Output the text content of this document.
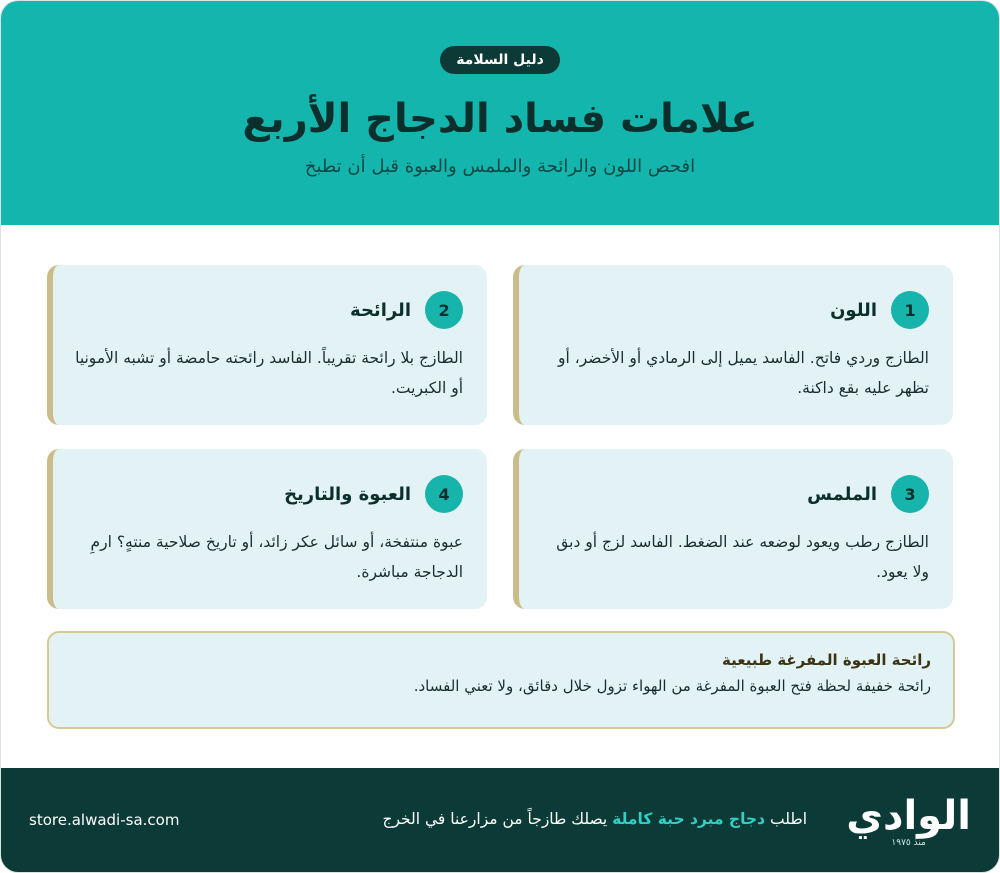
دليل السلامة
علامات فساد الدجاج الأربع
افحص اللون والرائحة والملمس والعبوة قبل أن تطبخ
1
اللون
الطازج وردي فاتح. الفاسد يميل إلى الرمادي أو الأخضر، أو تظهر عليه بقع داكنة.
2
الرائحة
الطازج بلا رائحة تقريباً. الفاسد رائحته حامضة أو تشبه الأمونيا أو الكبريت.
3
الملمس
الطازج رطب ويعود لوضعه عند الضغط. الفاسد لزج أو دبق ولا يعود.
4
العبوة والتاريخ
عبوة منتفخة، أو سائل عكر زائد، أو تاريخ صلاحية منتهٍ؟ ارمِ الدجاجة مباشرة.
رائحة العبوة المفرغة طبيعية
رائحة خفيفة لحظة فتح العبوة المفرغة من الهواء تزول خلال دقائق، ولا تعني الفساد.
الوادي
منذ ١٩٧٥
اطلب دجاج مبرد حبة كاملة يصلك طازجاً من مزارعنا في الخرج
store.alwadi-sa.com
